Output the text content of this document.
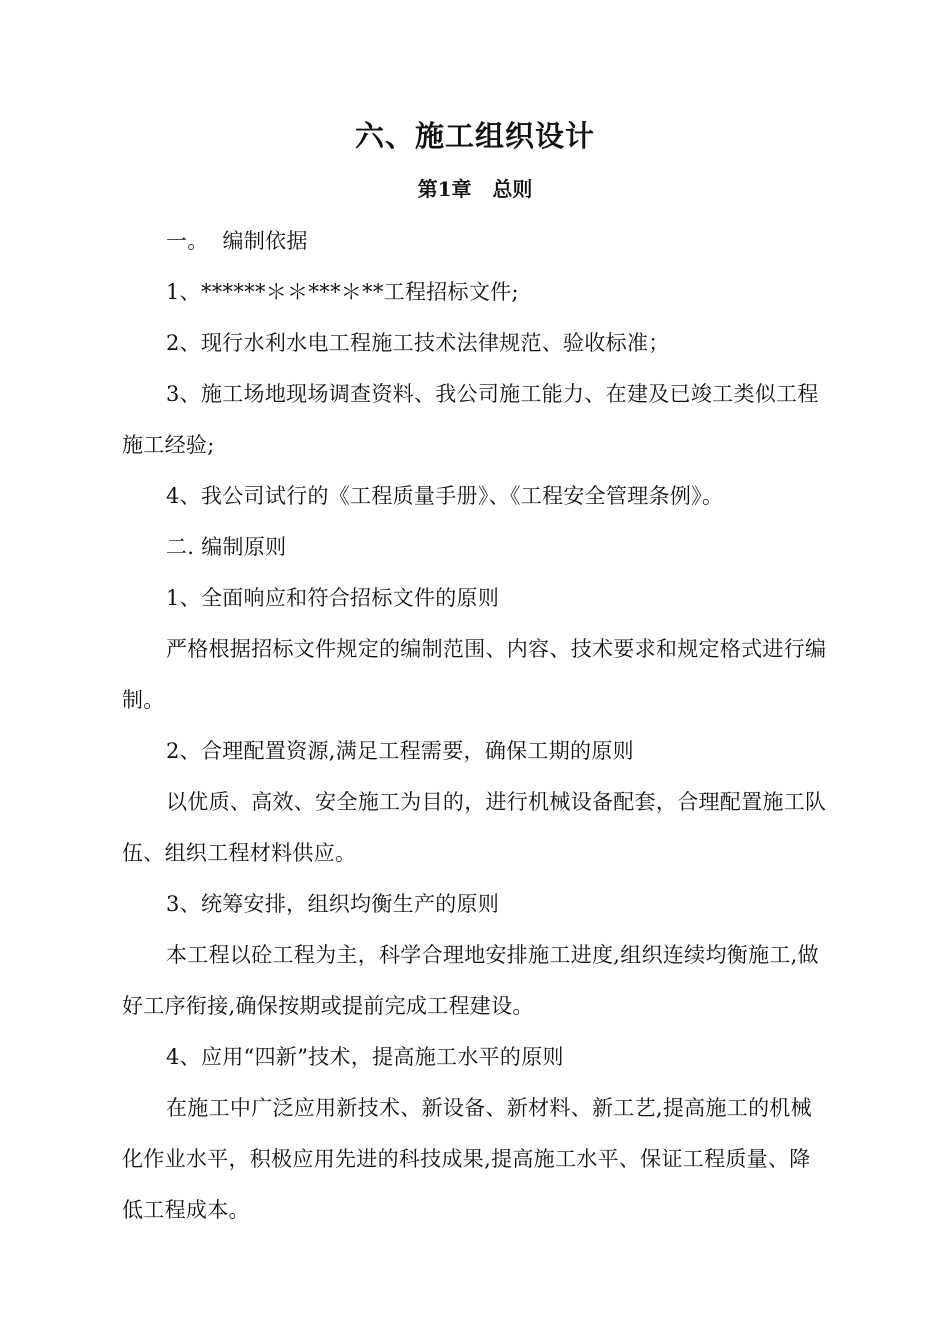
六、施工组织设计
第1章   总则
一。  编制依据
1、******＊＊***＊**工程招标文件;
2、现行水利水电工程施工技术法律规范、验收标准；
3、施工场地现场调查资料、我公司施工能力、在建及已竣工类似工程
施工经验;
4、我公司试行的《工程质量手册》、《工程安全管理条例》。
二. 编制原则
1、全面响应和符合招标文件的原则
严格根据招标文件规定的编制范围、内容、技术要求和规定格式进行编
制。
2、合理配置资源,满足工程需要，确保工期的原则
以优质、高效、安全施工为目的，进行机械设备配套，合理配置施工队
伍、组织工程材料供应。
3、统筹安排，组织均衡生产的原则
本工程以砼工程为主，科学合理地安排施工进度,组织连续均衡施工,做
好工序衔接,确保按期或提前完成工程建设。
4、应用“四新”技术，提高施工水平的原则
在施工中广泛应用新技术、新设备、新材料、新工艺,提高施工的机械
化作业水平，积极应用先进的科技成果,提高施工水平、保证工程质量、降
低工程成本。
